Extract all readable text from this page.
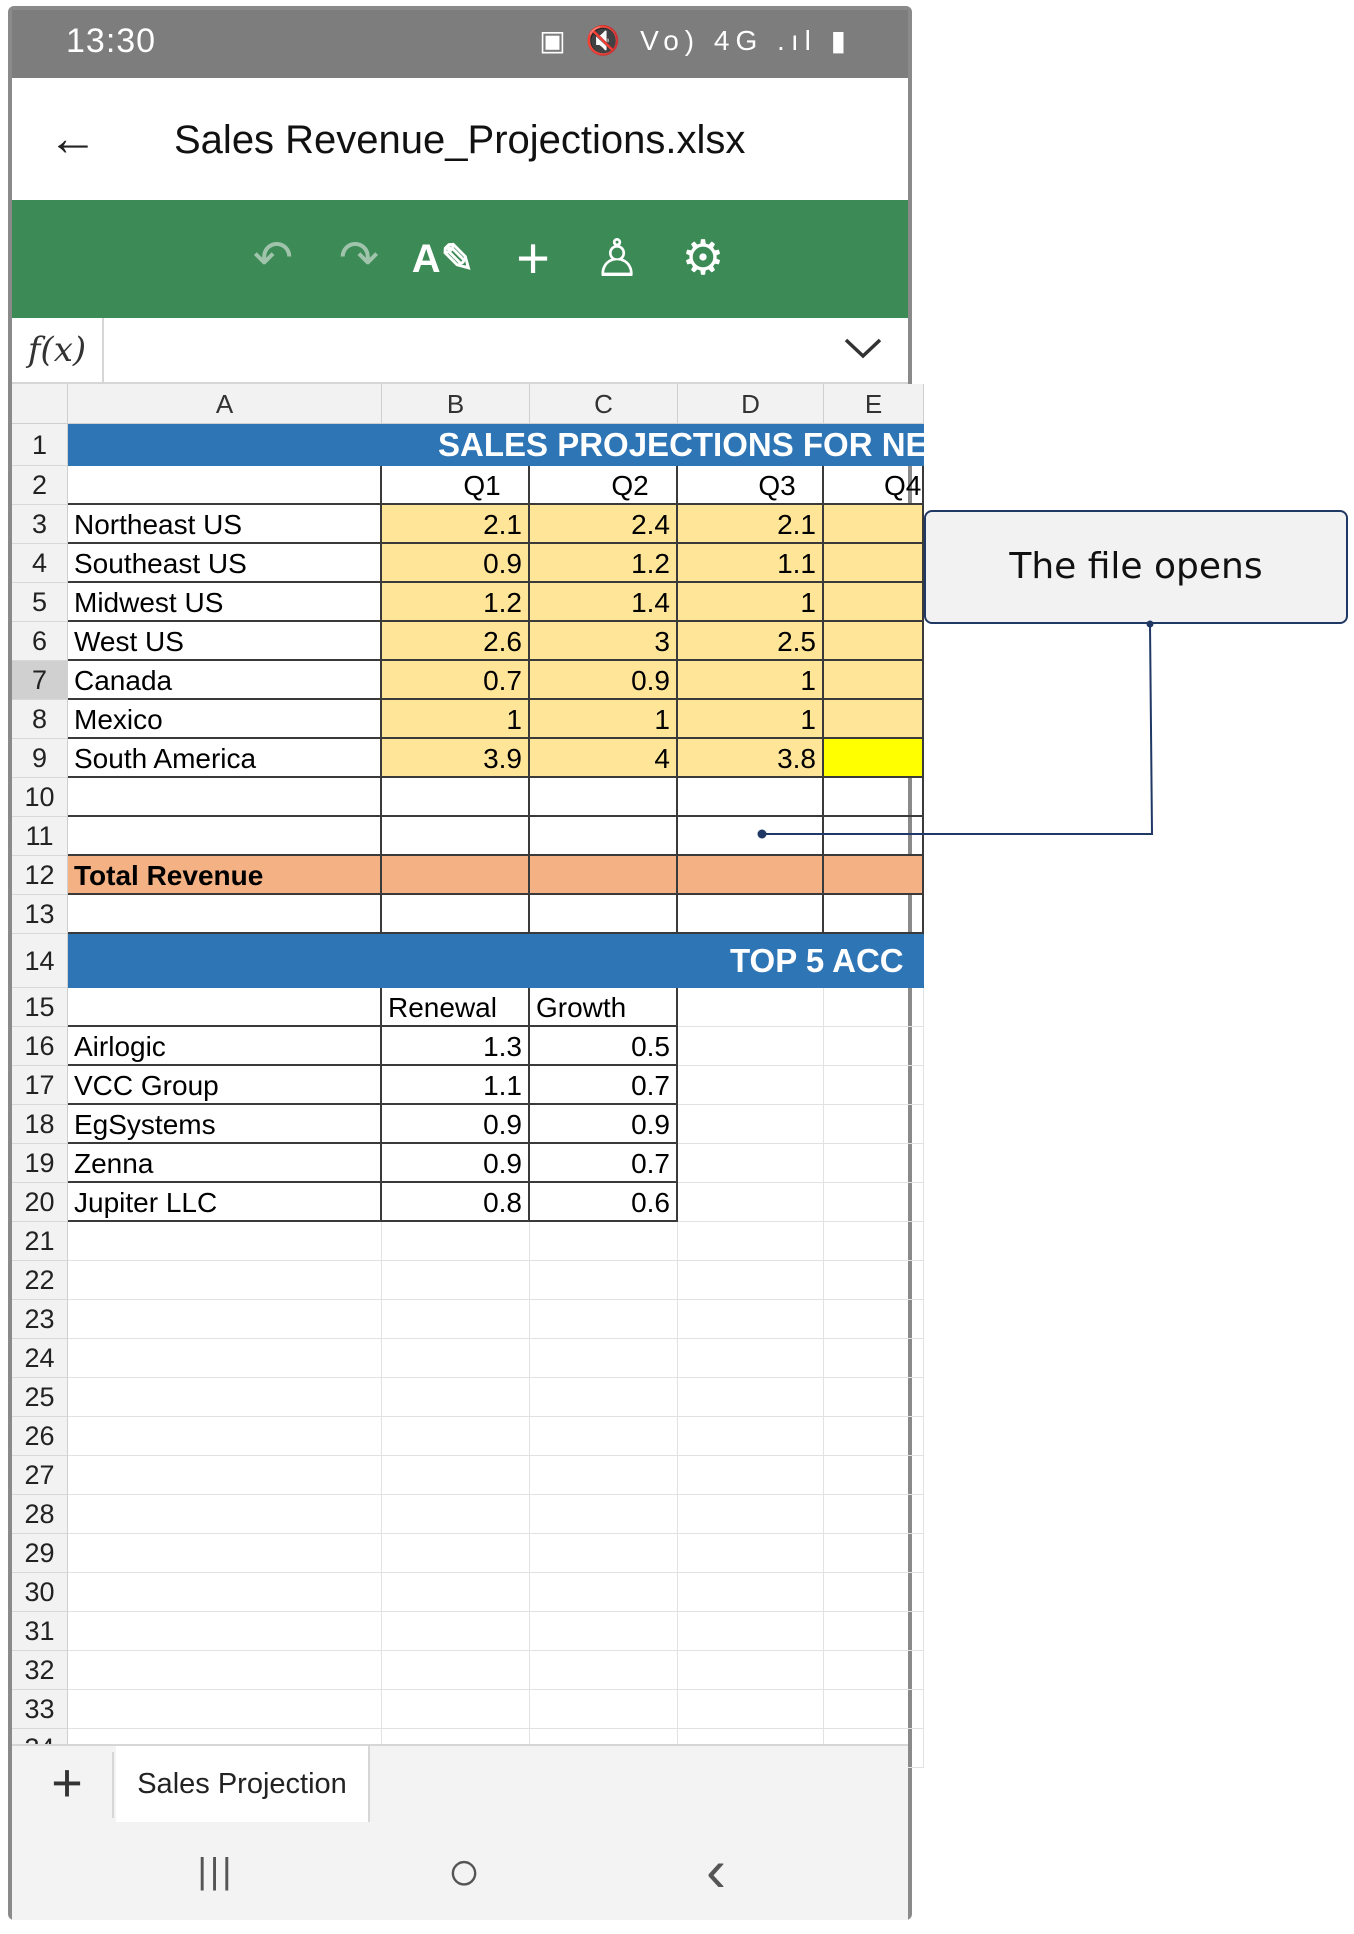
13:30	▣ 🔇 Vo) 4G .ıl ▮
← Sales Revenue_Projections.xlsx
↶ ↷ A✎ + ♙ ⚙
f(x)
A	B	C	D	E
1	SALES PROJECTIONS FOR NE
2	Q1	Q2	Q3	Q4
3 Northeast US	2.1	2.4	2.1
4 Southeast US	0.9	1.2	1.1
5 Midwest US	1.2	1.4	1
6 West US	2.6	3	2.5
7 Canada	0.7	0.9	1
8 Mexico	1	1	1
9 South America	3.9	4	3.8
10
11
12 Total Revenue
13
14	TOP 5 ACC
15	Renewal	Growth
16 Airlogic	1.3	0.5
17 VCC Group	1.1	0.7
18 EgSystems	0.9	0.9
19 Zenna	0.9	0.7
20 Jupiter LLC	0.8	0.6
21
22
23
24
25
26
27
28
29
30
31
32
33
+	Sales Projection
|||	○	‹
The file opens
